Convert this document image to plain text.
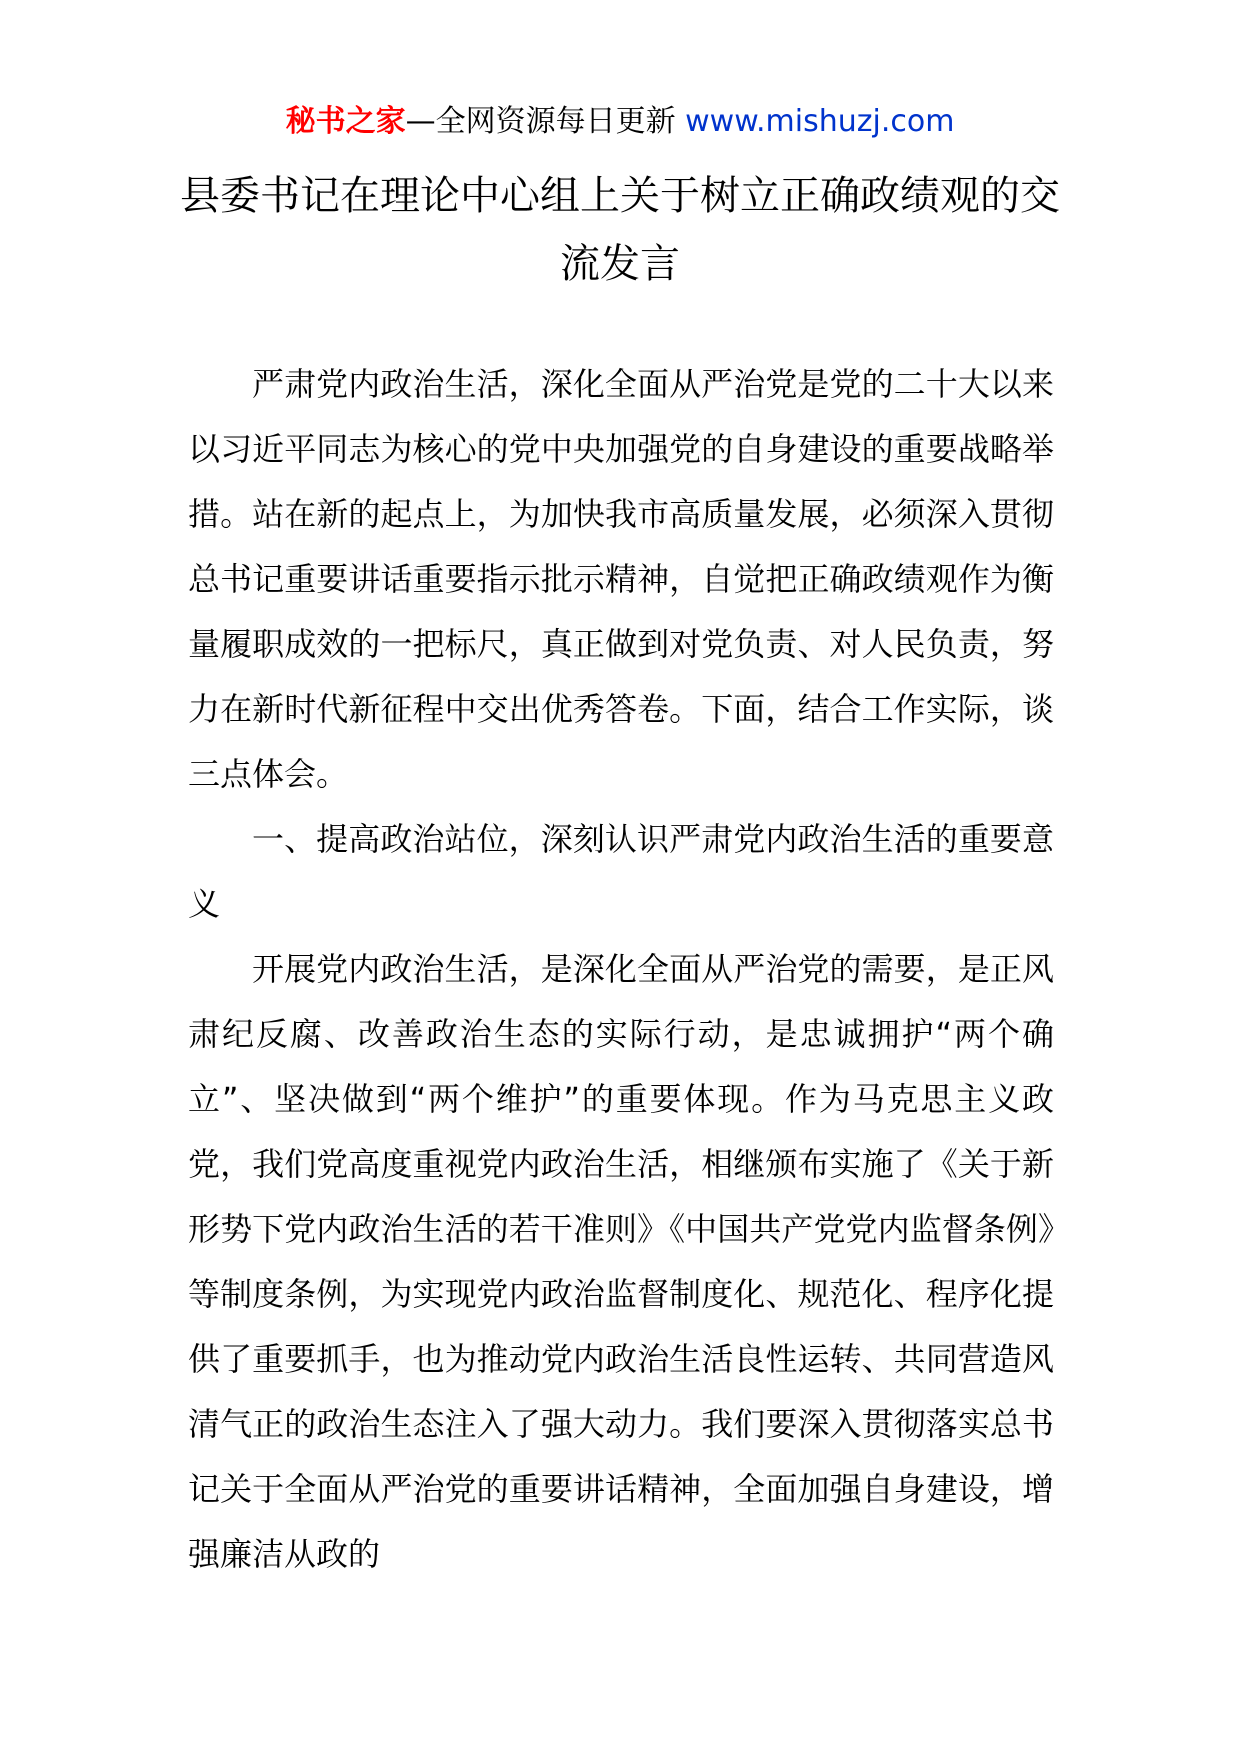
秘书之家—全网资源每日更新 www.mishuzj.com
县委书记在理论中心组上关于树立正确政绩观的交流发言

严肃党内政治生活，深化全面从严治党是党的二十大以来以习近平同志为核心的党中央加强党的自身建设的重要战略举措。站在新的起点上，为加快我市高质量发展，必须深入贯彻总书记重要讲话重要指示批示精神，自觉把正确政绩观作为衡量履职成效的一把标尺，真正做到对党负责、对人民负责，努力在新时代新征程中交出优秀答卷。下面，结合工作实际，谈三点体会。

一、提高政治站位，深刻认识严肃党内政治生活的重要意义

开展党内政治生活，是深化全面从严治党的需要，是正风肃纪反腐、改善政治生态的实际行动，是忠诚拥护“两个确立”、坚决做到“两个维护”的重要体现。作为马克思主义政党，我们党高度重视党内政治生活，相继颁布实施了《关于新形势下党内政治生活的若干准则》《中国共产党党内监督条例》等制度条例，为实现党内政治监督制度化、规范化、程序化提供了重要抓手，也为推动党内政治生活良性运转、共同营造风清气正的政治生态注入了强大动力。我们要深入贯彻落实总书记关于全面从严治党的重要讲话精神，全面加强自身建设，增强廉洁从政的
